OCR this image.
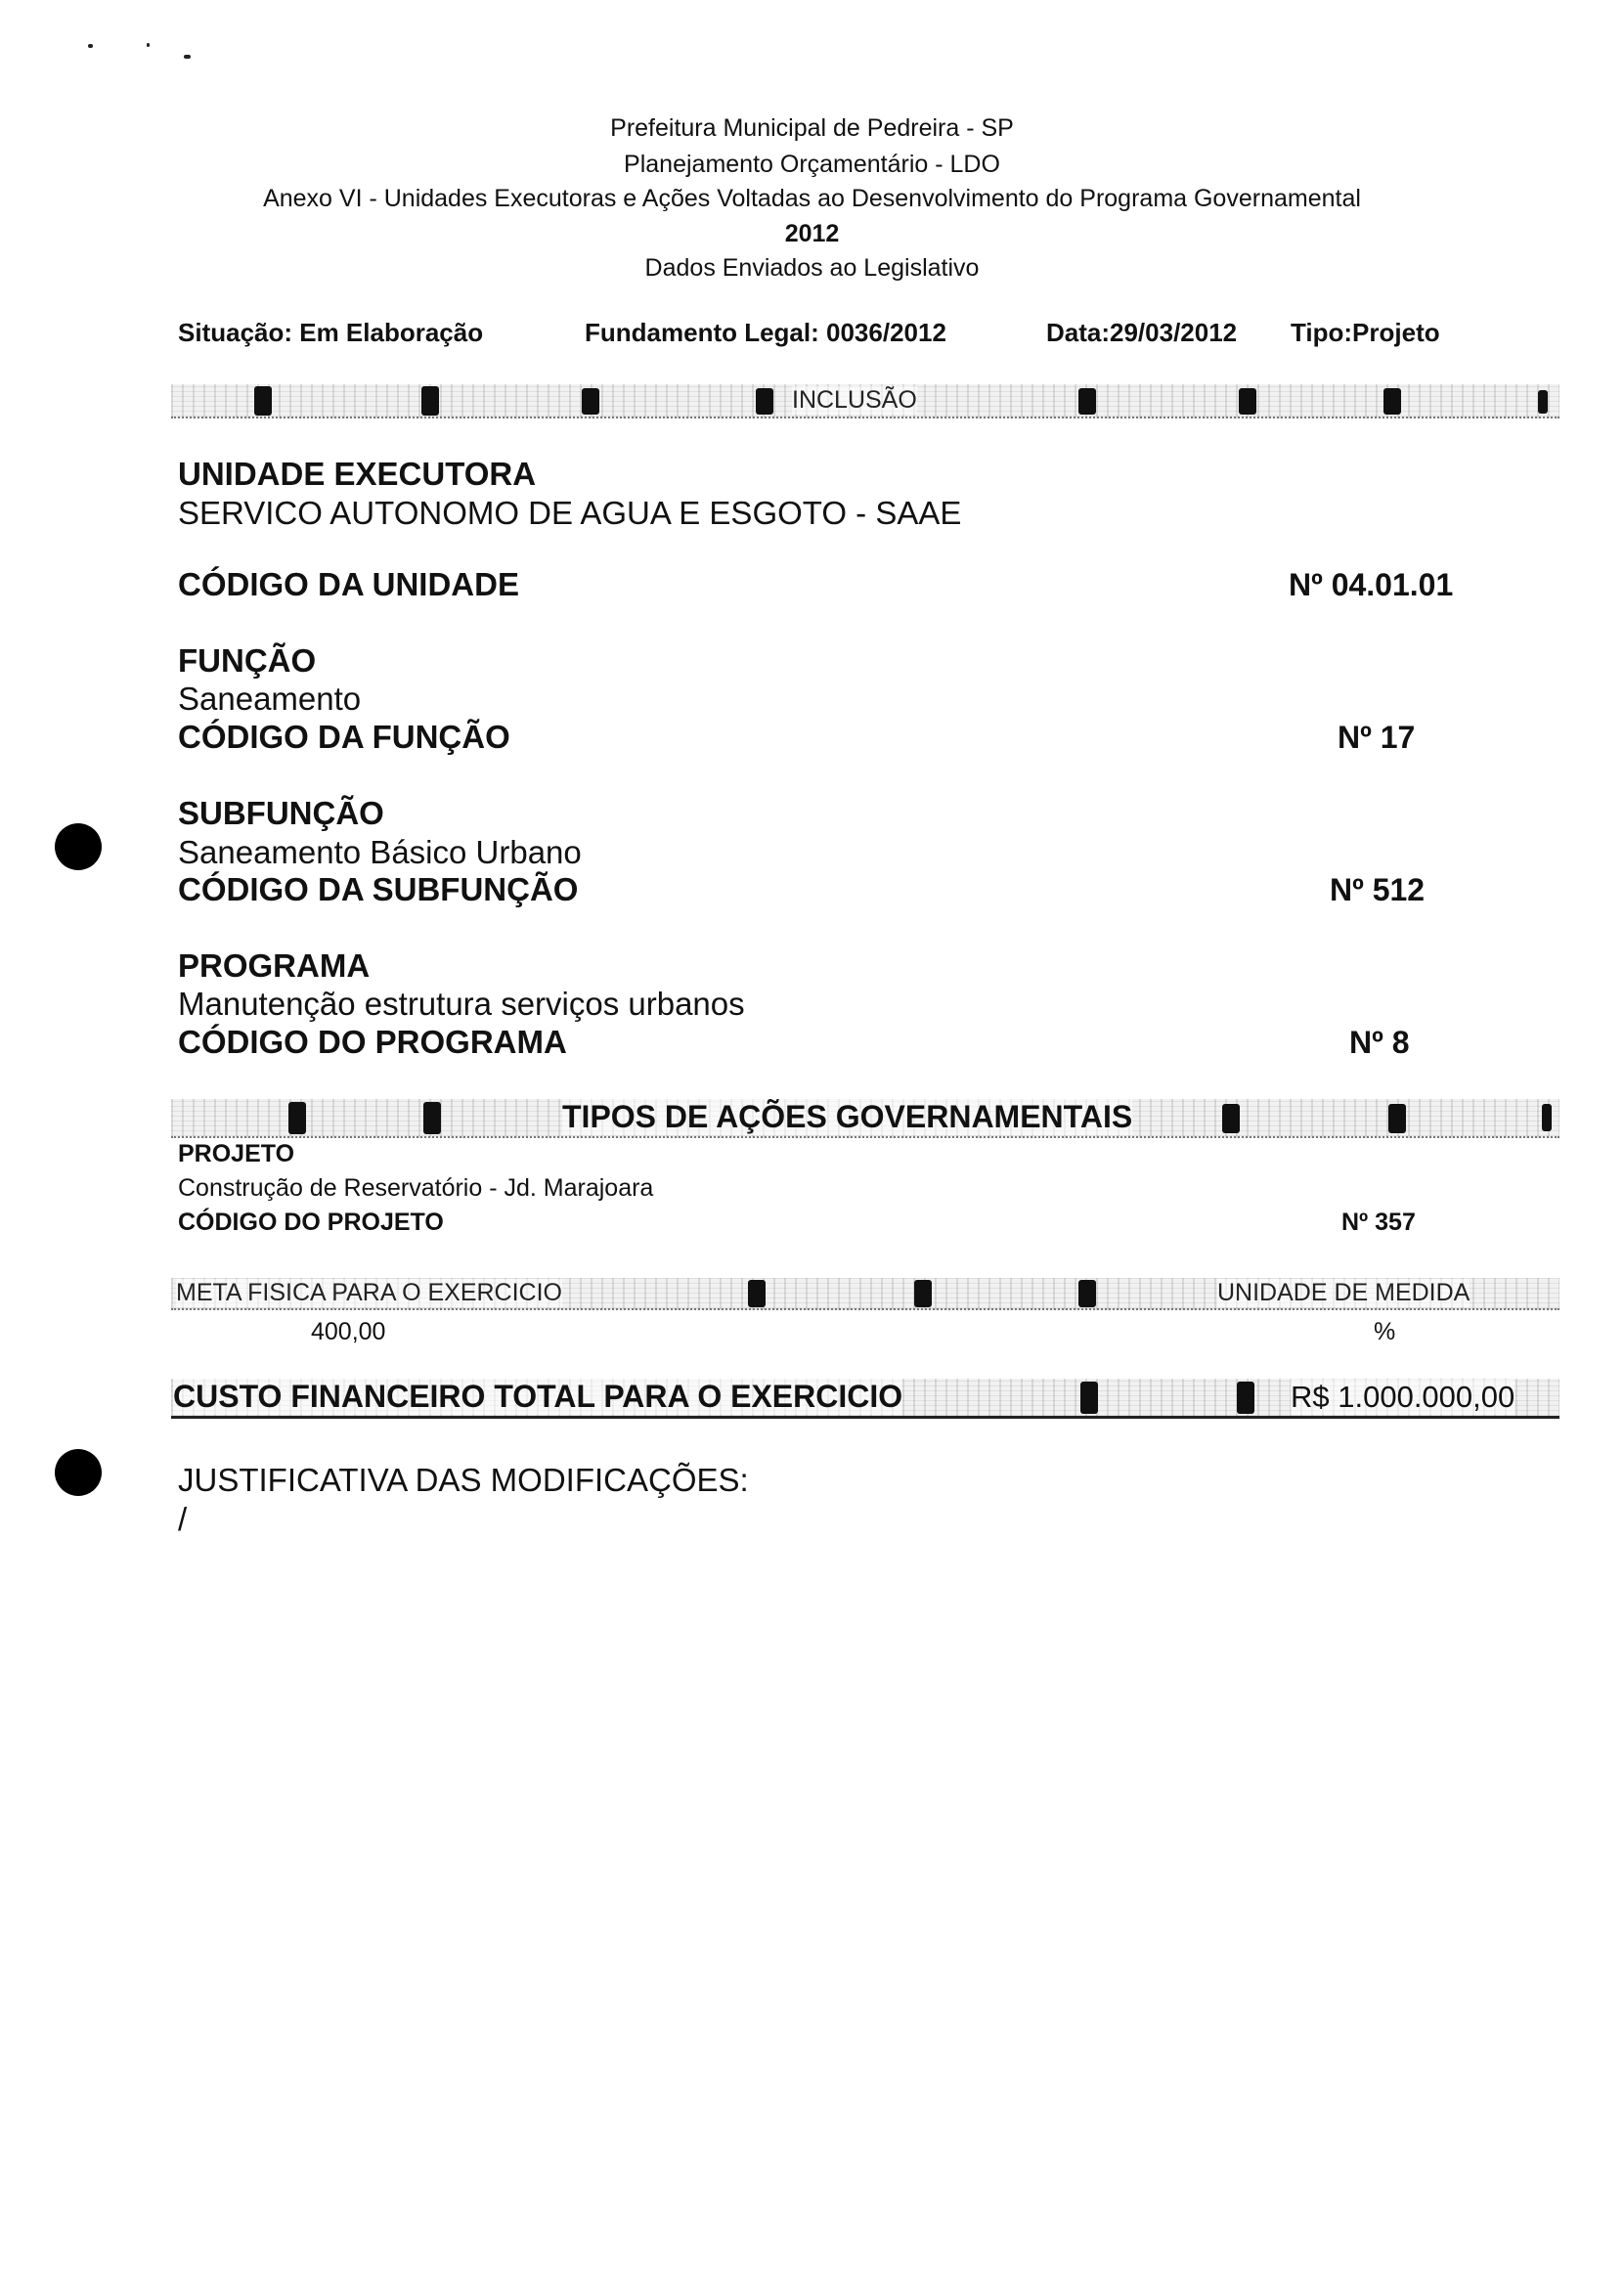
Prefeitura Municipal de Pedreira - SP
Planejamento Orçamentário - LDO
Anexo VI - Unidades Executoras e Ações Voltadas ao Desenvolvimento do Programa Governamental
2012
Dados Enviados ao Legislativo
Situação: Em Elaboração	Fundamento Legal: 0036/2012	Data:29/03/2012 Tipo:Projeto
INCLUSÃO
UNIDADE EXECUTORA
SERVICO AUTONOMO DE AGUA E ESGOTO - SAAE
CÓDIGO DA UNIDADE	Nº 04.01.01
FUNÇÃO
Saneamento
CÓDIGO DA FUNÇÃO	Nº 17
SUBFUNÇÃO
Saneamento Básico Urbano
CÓDIGO DA SUBFUNÇÃO	Nº 512
PROGRAMA
Manutenção estrutura serviços urbanos
CÓDIGO DO PROGRAMA	Nº 8
TIPOS DE AÇÕES GOVERNAMENTAIS
PROJETO
Construção de Reservatório - Jd. Marajoara
CÓDIGO DO PROJETO	Nº 357
META FISICA PARA O EXERCICIO	UNIDADE DE MEDIDA
400,00	%
CUSTO FINANCEIRO TOTAL PARA O EXERCICIO	R$ 1.000.000,00
JUSTIFICATIVA DAS MODIFICAÇÕES:
/
